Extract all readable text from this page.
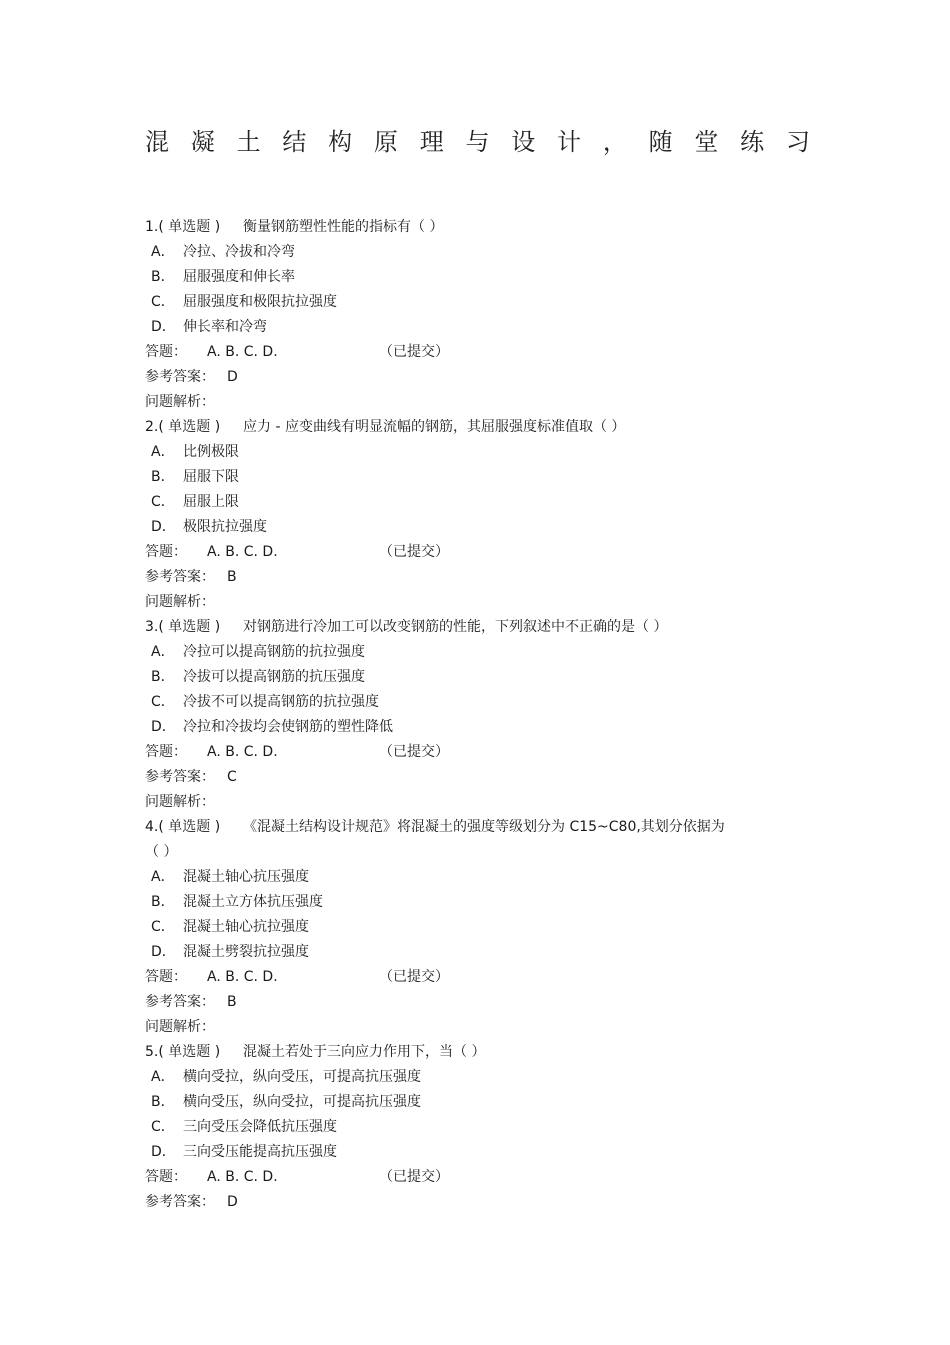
混 凝 土 结 构 原 理 与 设 计 ， 随 堂 练 习
1.( 单选题 ) 衡量钢筋塑性性能的指标有（ ）
A． 冷拉、冷拔和冷弯
B． 屈服强度和伸长率
C． 屈服强度和极限抗拉强度
D． 伸长率和冷弯
答题： A. B. C. D.	（已提交）
参考答案： D
问题解析：
2.( 单选题 ) 应力 - 应变曲线有明显流幅的钢筋，其屈服强度标准值取（ ）
A． 比例极限
B． 屈服下限
C． 屈服上限
D． 极限抗拉强度
答题： A. B. C. D.	（已提交）
参考答案： B
问题解析：
3.( 单选题 ) 对钢筋进行冷加工可以改变钢筋的性能，下列叙述中不正确的是（ ）
A． 冷拉可以提高钢筋的抗拉强度
B． 冷拔可以提高钢筋的抗压强度
C． 冷拔不可以提高钢筋的抗拉强度
D． 冷拉和冷拔均会使钢筋的塑性降低
答题： A. B. C. D.	（已提交）
参考答案： C
问题解析：
4.( 单选题 ) 《混凝土结构设计规范》将混凝土的强度等级划分为 C15~C80,其划分依据为
（ ）
A． 混凝土轴心抗压强度
B． 混凝土立方体抗压强度
C． 混凝土轴心抗拉强度
D． 混凝土劈裂抗拉强度
答题： A. B. C. D.	（已提交）
参考答案： B
问题解析：
5.( 单选题 ) 混凝土若处于三向应力作用下，当（ ）
A． 横向受拉，纵向受压，可提高抗压强度
B． 横向受压，纵向受拉，可提高抗压强度
C． 三向受压会降低抗压强度
D． 三向受压能提高抗压强度
答题： A. B. C. D.	（已提交）
参考答案： D
